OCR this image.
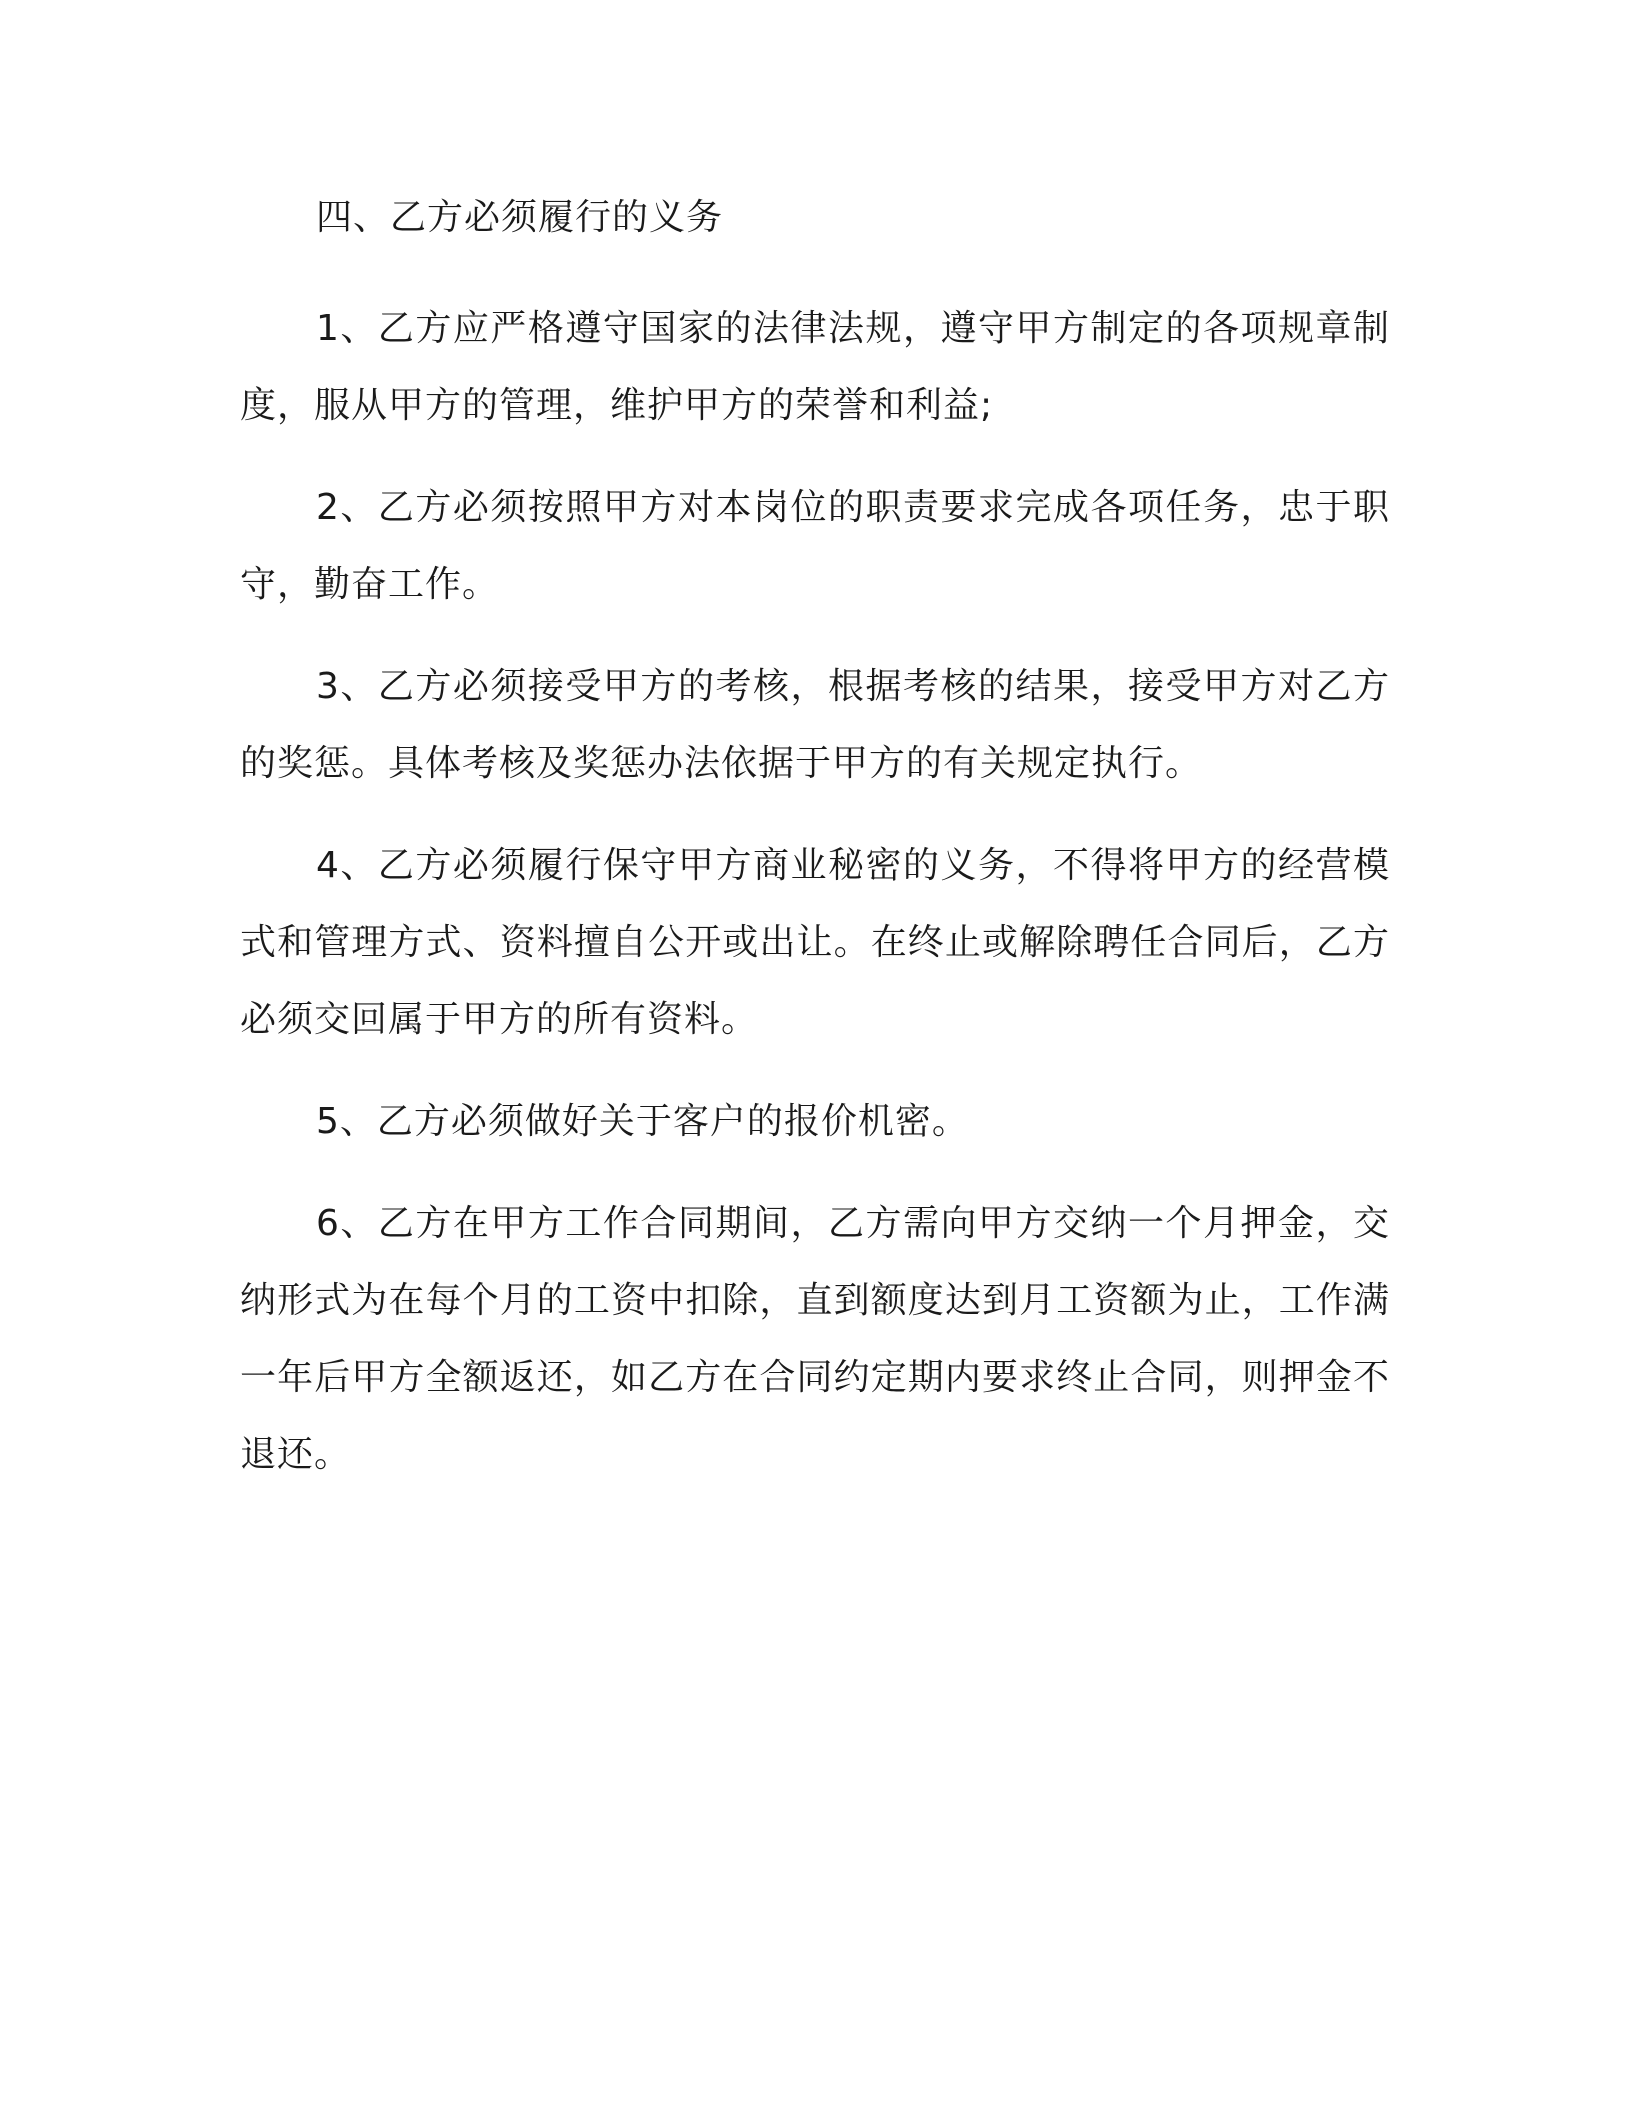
四、乙方必须履行的义务

1、乙方应严格遵守国家的法律法规，遵守甲方制定的各项规章制度，服从甲方的管理，维护甲方的荣誉和利益;

2、乙方必须按照甲方对本岗位的职责要求完成各项任务，忠于职守，勤奋工作。

3、乙方必须接受甲方的考核，根据考核的结果，接受甲方对乙方的奖惩。具体考核及奖惩办法依据于甲方的有关规定执行。

4、乙方必须履行保守甲方商业秘密的义务，不得将甲方的经营模式和管理方式、资料擅自公开或出让。在终止或解除聘任合同后，乙方必须交回属于甲方的所有资料。

5、乙方必须做好关于客户的报价机密。

6、乙方在甲方工作合同期间，乙方需向甲方交纳一个月押金，交纳形式为在每个月的工资中扣除，直到额度达到月工资额为止，工作满一年后甲方全额返还，如乙方在合同约定期内要求终止合同，则押金不退还。
